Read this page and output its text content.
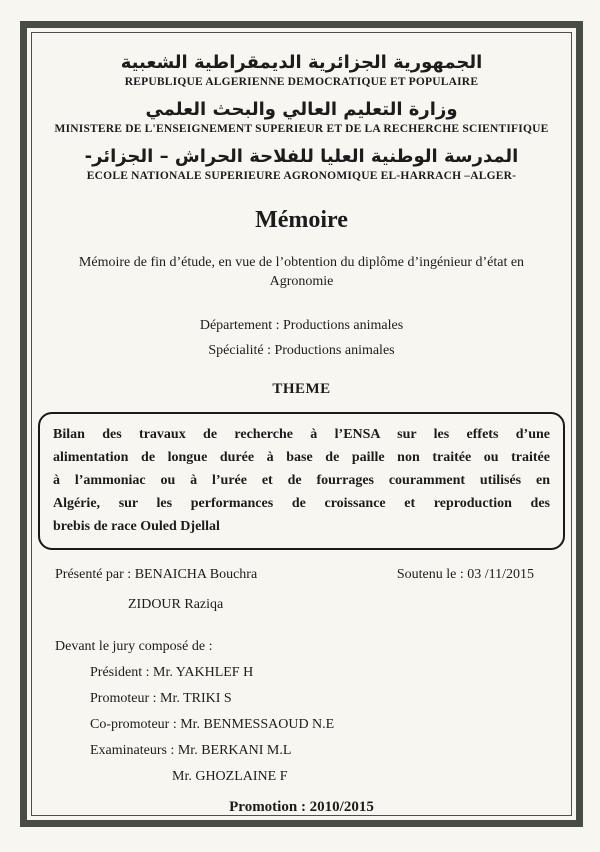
الجمهورية الجزائرية الديمقراطية الشعبية
REPUBLIQUE ALGERIENNE DEMOCRATIQUE ET POPULAIRE
وزارة التعليم العالي والبحث العلمي
MINISTERE DE L'ENSEIGNEMENT SUPERIEUR ET DE LA RECHERCHE SCIENTIFIQUE
المدرسة الوطنية العليا للفلاحة الحراش – الجزائر-
ECOLE NATIONALE SUPERIEURE AGRONOMIQUE EL-HARRACH –ALGER-
Mémoire
Mémoire de fin d’étude, en vue de l’obtention du diplôme d’ingénieur d’état en Agronomie
Département : Productions animales
Spécialité : Productions animales
THEME
Bilan des travaux de recherche à l’ENSA sur les effets d’une
alimentation de longue durée à base de paille non traitée ou traitée
à l’ammoniac ou à l’urée et de fourrages couramment utilisés en
Algérie, sur les performances de croissance et reproduction des
brebis de race Ouled Djellal
Présenté par : BENAICHA Bouchra	Soutenu le : 03 /11/2015
ZIDOUR Raziqa
Devant le jury composé de :
Président : Mr. YAKHLEF H
Promoteur : Mr. TRIKI S
Co-promoteur : Mr. BENMESSAOUD N.E
Examinateurs : Mr. BERKANI M.L
Mr. GHOZLAINE F
Promotion : 2010/2015
